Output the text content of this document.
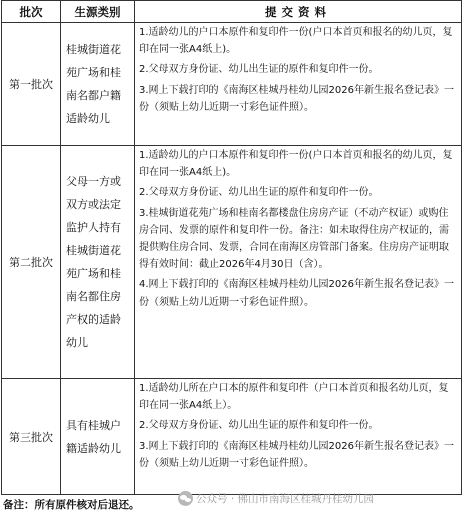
批次	生源类别	提交资料
第一批次	桂城街道花苑广场和桂南名都户籍适龄幼儿	1.适龄幼儿的户口本原件和复印件一份(户口本首页和报名的幼儿页，复印在同一张A4纸上)。
2.父母双方身份证、幼儿出生证的原件和复印件一份。
3.网上下载打印的《南海区桂城丹桂幼儿园2026年新生报名登记表》一份（须贴上幼儿近期一寸彩色证件照）。

第二批次	父母一方或双方或法定监护人持有桂城街道花苑广场和桂南名都住房产权的适龄幼儿	1.适龄幼儿的户口本原件和复印件一份(户口本首页和报名的幼儿页，复印在同一张A4纸上)。
2.父母双方身份证、幼儿出生证的原件和复印件一份。
3.桂城街道花苑广场和桂南名都楼盘住房房产证（不动产权证）或购住房合同、发票的原件和复印件一份。备注：如未取得住房产权证的，需提供购住房合同、发票，合同在南海区房管部门备案。住房房产证明取得有效时间：截止2026年4月30日（含）。
4.网上下载打印的《南海区桂城丹桂幼儿园2026年新生报名登记表》一份（须贴上幼儿近期一寸彩色证件照）。

第三批次	具有桂城户籍适龄幼儿	1.适龄幼儿所在户口本的原件和复印件（户口本首页和报名幼儿页，复印在同一张A4纸上）。
2.父母双方身份证、幼儿出生证的原件和复印件一份。
3.网上下载打印的《南海区桂城丹桂幼儿园2026年新生报名登记表》一份（须贴上幼儿近期一寸彩色证件照）。
公众号 · 佛山市南海区桂城丹桂幼儿园
备注：所有原件核对后退还。
